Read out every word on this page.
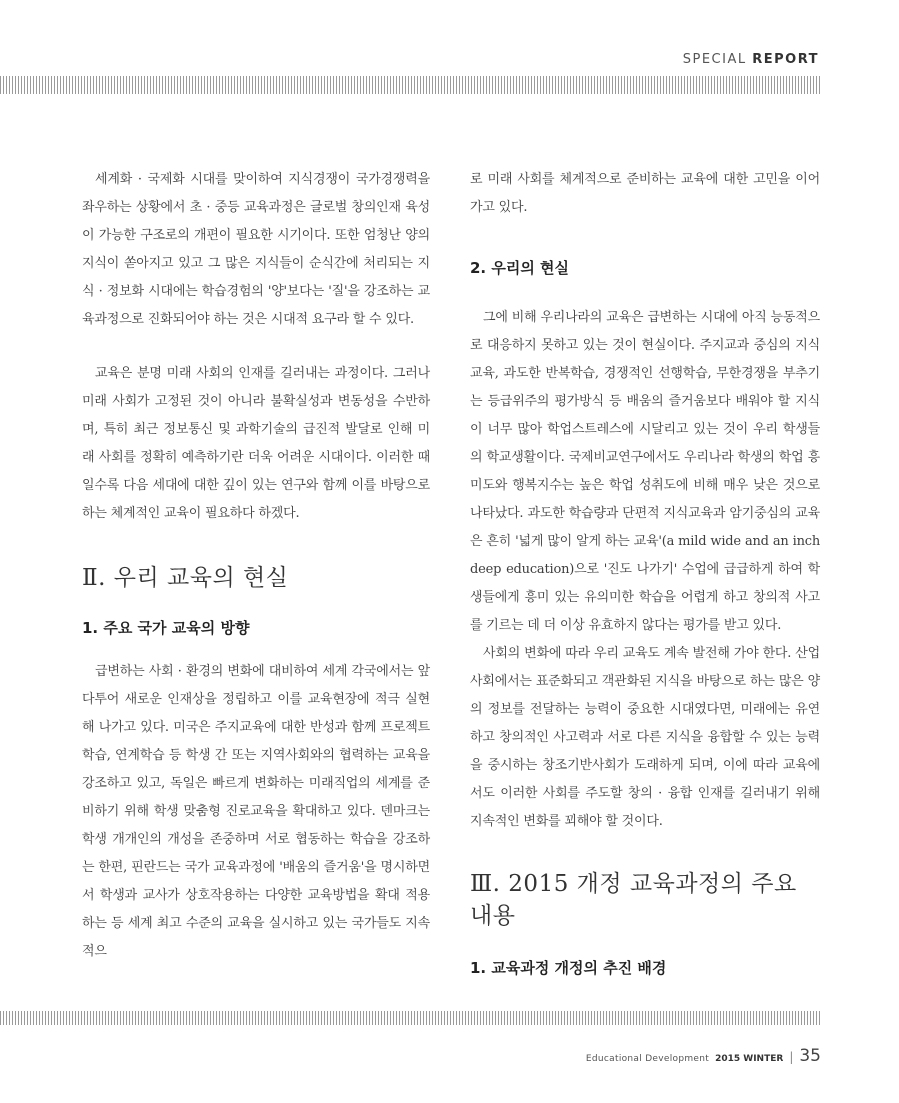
SPECIAL REPORT

세계화 · 국제화 시대를 맞이하여 지식경쟁이 국가경쟁력을 좌우하는 상황에서 초 · 중등 교육과정은 글로벌 창의인재 육성이 가능한 구조로의 개편이 필요한 시기이다. 또한 엄청난 양의 지식이 쏟아지고 있고 그 많은 지식들이 순식간에 처리되는 지식 · 정보화 시대에는 학습경험의 '양'보다는 '질'을 강조하는 교육과정으로 진화되어야 하는 것은 시대적 요구라 할 수 있다.

교육은 분명 미래 사회의 인재를 길러내는 과정이다. 그러나 미래 사회가 고정된 것이 아니라 불확실성과 변동성을 수반하며, 특히 최근 정보통신 및 과학기술의 급진적 발달로 인해 미래 사회를 정확히 예측하기란 더욱 어려운 시대이다. 이러한 때일수록 다음 세대에 대한 깊이 있는 연구와 함께 이를 바탕으로 하는 체계적인 교육이 필요하다 하겠다.

Ⅱ. 우리 교육의 현실
1. 주요 국가 교육의 방향

급변하는 사회 · 환경의 변화에 대비하여 세계 각국에서는 앞다투어 새로운 인재상을 정립하고 이를 교육현장에 적극 실현해 나가고 있다. 미국은 주지교육에 대한 반성과 함께 프로젝트학습, 연계학습 등 학생 간 또는 지역사회와의 협력하는 교육을 강조하고 있고, 독일은 빠르게 변화하는 미래직업의 세계를 준비하기 위해 학생 맞춤형 진로교육을 확대하고 있다. 덴마크는 학생 개개인의 개성을 존중하며 서로 협동하는 학습을 강조하는 한편, 핀란드는 국가 교육과정에 '배움의 즐거움'을 명시하면서 학생과 교사가 상호작용하는 다양한 교육방법을 확대 적용하는 등 세계 최고 수준의 교육을 실시하고 있는 국가들도 지속적으

로 미래 사회를 체계적으로 준비하는 교육에 대한 고민을 이어가고 있다.

2. 우리의 현실

그에 비해 우리나라의 교육은 급변하는 시대에 아직 능동적으로 대응하지 못하고 있는 것이 현실이다. 주지교과 중심의 지식교육, 과도한 반복학습, 경쟁적인 선행학습, 무한경쟁을 부추기는 등급위주의 평가방식 등 배움의 즐거움보다 배워야 할 지식이 너무 많아 학업스트레스에 시달리고 있는 것이 우리 학생들의 학교생활이다. 국제비교연구에서도 우리나라 학생의 학업 흥미도와 행복지수는 높은 학업 성취도에 비해 매우 낮은 것으로 나타났다. 과도한 학습량과 단편적 지식교육과 암기중심의 교육은 흔히 '넓게 많이 알게 하는 교육'(a mild wide and an inch deep education)으로 '진도 나가기' 수업에 급급하게 하여 학생들에게 흥미 있는 유의미한 학습을 어렵게 하고 창의적 사고를 기르는 데 더 이상 유효하지 않다는 평가를 받고 있다.

사회의 변화에 따라 우리 교육도 계속 발전해 가야 한다. 산업사회에서는 표준화되고 객관화된 지식을 바탕으로 하는 많은 양의 정보를 전달하는 능력이 중요한 시대였다면, 미래에는 유연하고 창의적인 사고력과 서로 다른 지식을 융합할 수 있는 능력을 중시하는 창조기반사회가 도래하게 되며, 이에 따라 교육에서도 이러한 사회를 주도할 창의 · 융합 인재를 길러내기 위해 지속적인 변화를 꾀해야 할 것이다.

Ⅲ. 2015 개정 교육과정의 주요 내용
1. 교육과정 개정의 추진 배경
Educational Development 2015 WINTER | 35
